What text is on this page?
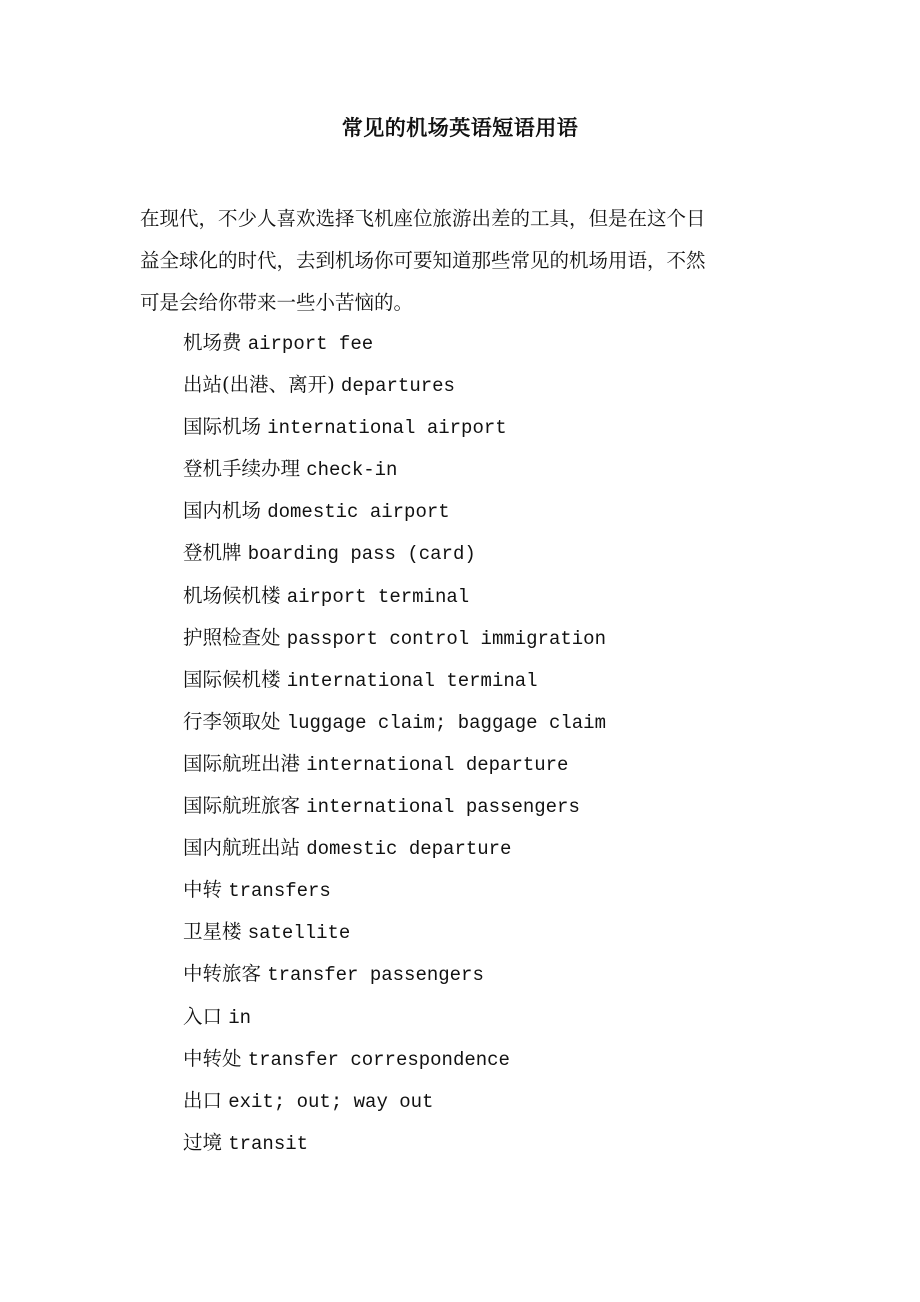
常见的机场英语短语用语

在现代，不少人喜欢选择飞机座位旅游出差的工具，但是在这个日
益全球化的时代，去到机场你可要知道那些常见的机场用语，不然
可是会给你带来一些小苦恼的。

机场费 airport fee
出站(出港、离开) departures
国际机场 international airport
登机手续办理 check-in
国内机场 domestic airport
登机牌 boarding pass (card)
机场候机楼 airport terminal
护照检查处 passport control immigration
国际候机楼 international terminal
行李领取处 luggage claim; baggage claim
国际航班出港 international departure
国际航班旅客 international passengers
国内航班出站 domestic departure
中转 transfers
卫星楼 satellite
中转旅客 transfer passengers
入口 in
中转处 transfer correspondence
出口 exit; out; way out
过境 transit
